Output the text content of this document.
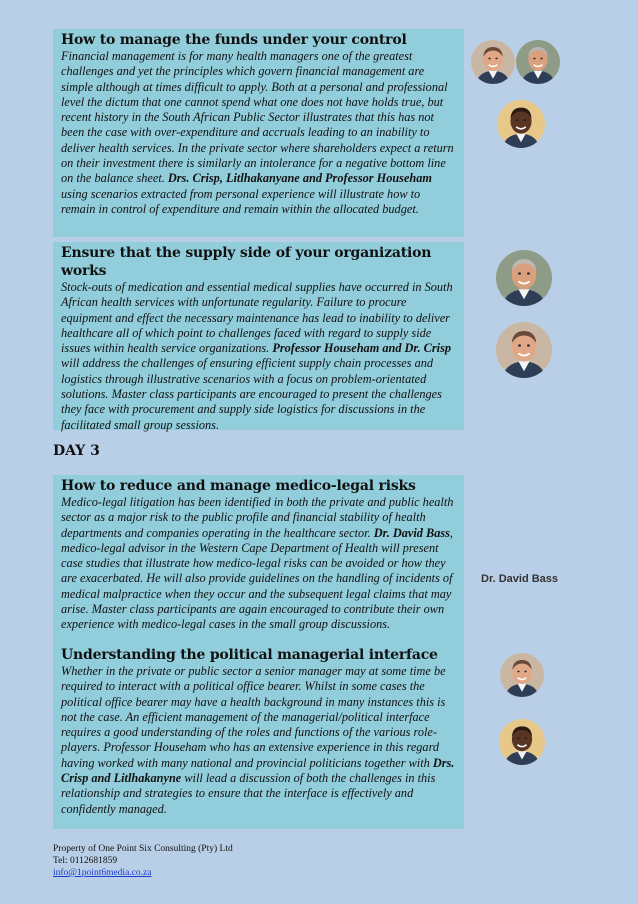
How to manage the funds under your control

Financial management is for many health managers one of the greatest challenges and yet the principles which govern financial management are simple although at times difficult to apply. Both at a personal and professional level the dictum that one cannot spend what one does not have holds true, but recent history in the South African Public Sector illustrates that this has not been the case with over-expenditure and accruals leading to an inability to deliver health services. In the private sector where shareholders expect a return on their investment there is similarly an intolerance for a negative bottom line on the balance sheet. Drs. Crisp, Litlhakanyane and Professor Househam using scenarios extracted from personal experience will illustrate how to remain in control of expenditure and remain within the allocated budget.

Ensure that the supply side of your organization works

Stock-outs of medication and essential medical supplies have occurred in South African health services with unfortunate regularity. Failure to procure equipment and effect the necessary maintenance has lead to inability to deliver healthcare all of which point to challenges faced with regard to supply side issues within health service organizations. Professor Househam and Dr. Crisp will address the challenges of ensuring efficient supply chain processes and logistics through illustrative scenarios with a focus on problem-orientated solutions. Master class participants are encouraged to present the challenges they face with procurement and supply side logistics for discussions in the facilitated small group sessions.

DAY 3
How to reduce and manage medico-legal risks

Medico-legal litigation has been identified in both the private and public health sector as a major risk to the public profile and financial stability of health departments and companies operating in the healthcare sector. Dr. David Bass, medico-legal advisor in the Western Cape Department of Health will present case studies that illustrate how medico-legal risks can be avoided or how they are exacerbated. He will also provide guidelines on the handling of incidents of medical malpractice when they occur and the subsequent legal claims that may arise. Master class participants are again encouraged to contribute their own experience with medico-legal cases in the small group discussions.

Understanding the political managerial interface

Whether in the private or public sector a senior manager may at some time be required to interact with a political office bearer. Whilst in some cases the political office bearer may have a health background in many instances this is not the case. An efficient management of the managerial/political interface requires a good understanding of the roles and functions of the various role-players. Professor Househam who has an extensive experience in this regard having worked with many national and provincial politicians together with Drs. Crisp and Litlhakanyne will lead a discussion of both the challenges in this relationship and strategies to ensure that the interface is effectively and confidently managed.

Dr. David Bass
Property of One Point Six Consulting (Pty) Ltd
Tel: 0112681859
info@1point6media.co.za
